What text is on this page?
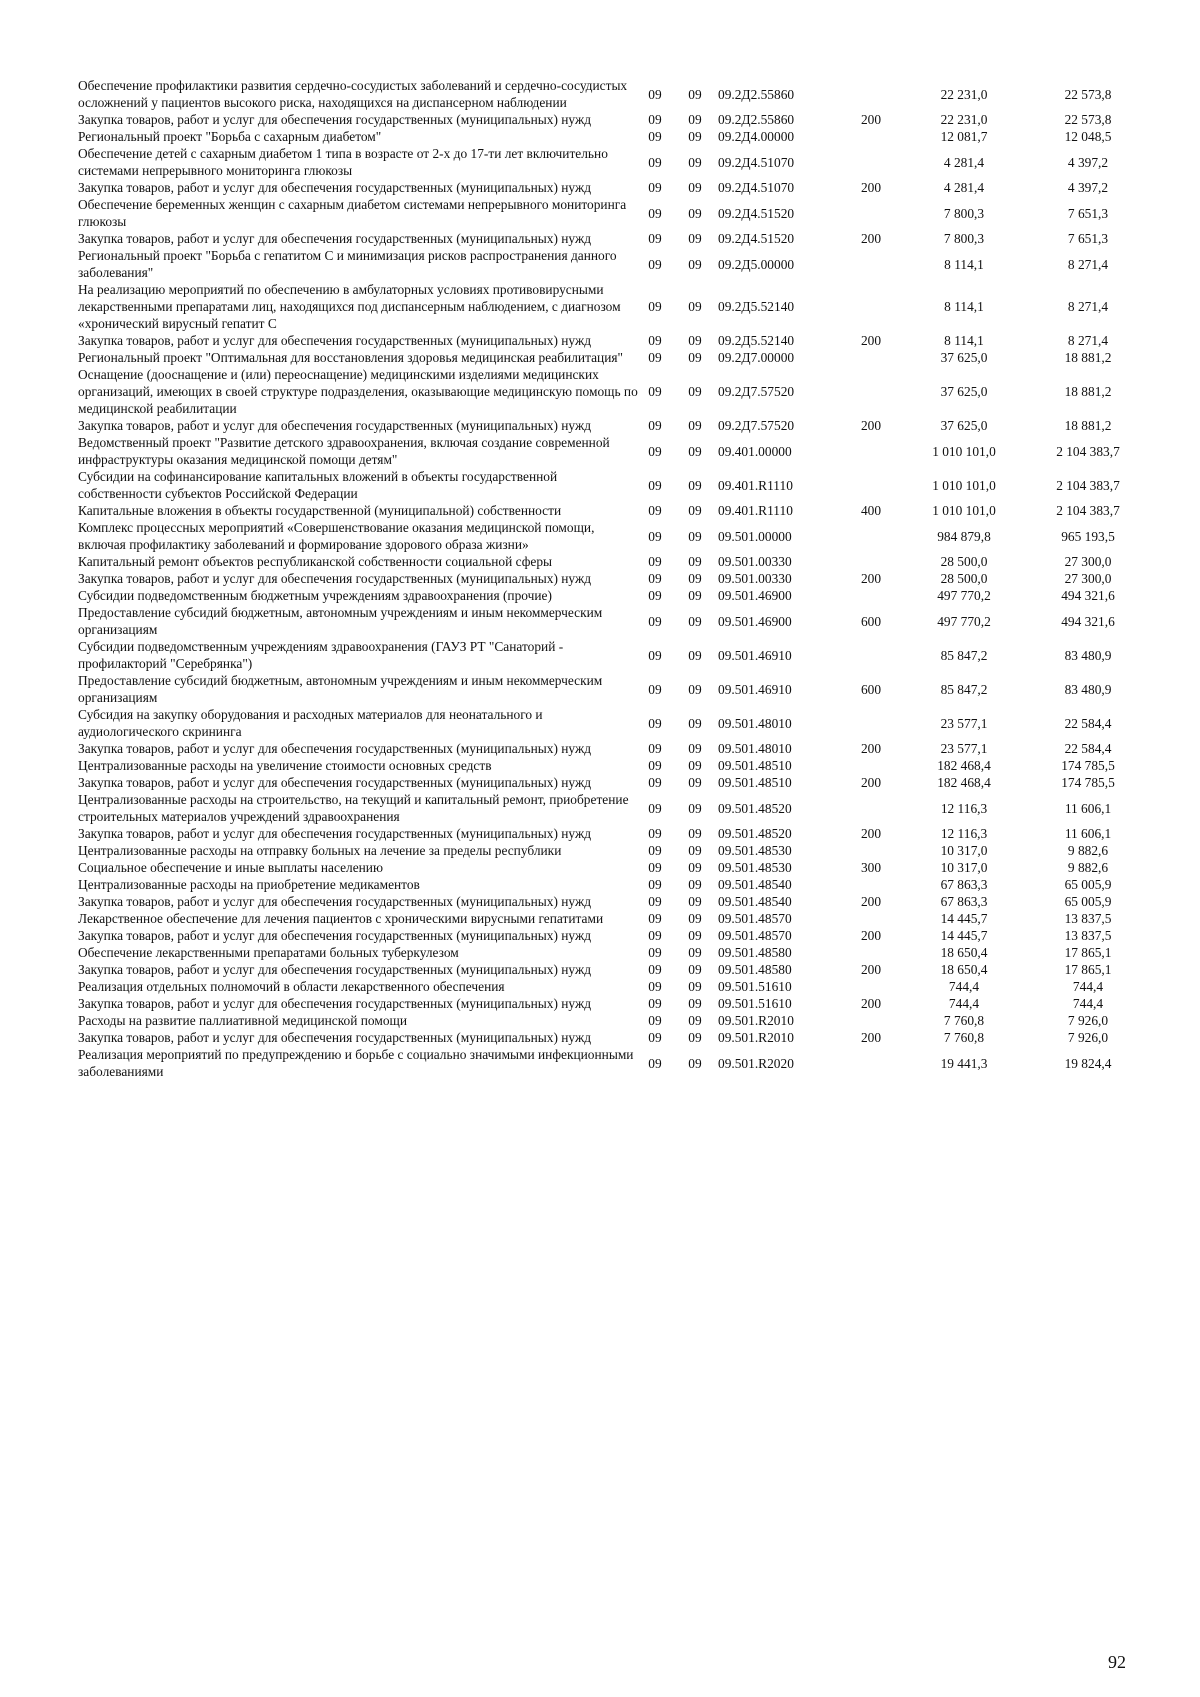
Обеспечение профилактики развития сердечно-сосудистых заболеваний и сердечно-сосудистых осложнений у пациентов высокого риска, находящихся на диспансерном наблюдении	09	09	09.2Д2.55860		22 231,0	22 573,8
Закупка товаров, работ и услуг для обеспечения государственных (муниципальных) нужд	09	09	09.2Д2.55860	200	22 231,0	22 573,8
Региональный проект "Борьба с сахарным диабетом"	09	09	09.2Д4.00000		12 081,7	12 048,5
Обеспечение детей с сахарным диабетом 1 типа в возрасте от 2-х до 17-ти лет включительно системами непрерывного мониторинга глюкозы	09	09	09.2Д4.51070		4 281,4	4 397,2
Закупка товаров, работ и услуг для обеспечения государственных (муниципальных) нужд	09	09	09.2Д4.51070	200	4 281,4	4 397,2
Обеспечение беременных женщин с сахарным диабетом системами непрерывного мониторинга глюкозы	09	09	09.2Д4.51520		7 800,3	7 651,3
Закупка товаров, работ и услуг для обеспечения государственных (муниципальных) нужд	09	09	09.2Д4.51520	200	7 800,3	7 651,3
Региональный проект "Борьба с гепатитом С и минимизация рисков распространения данного заболевания"	09	09	09.2Д5.00000		8 114,1	8 271,4
На реализацию мероприятий по обеспечению в амбулаторных условиях противовирусными лекарственными препаратами лиц, находящихся под диспансерным наблюдением, с диагнозом «хронический вирусный гепатит С	09	09	09.2Д5.52140		8 114,1	8 271,4
Закупка товаров, работ и услуг для обеспечения государственных (муниципальных) нужд	09	09	09.2Д5.52140	200	8 114,1	8 271,4
Региональный проект "Оптимальная для восстановления здоровья медицинская реабилитация"	09	09	09.2Д7.00000		37 625,0	18 881,2
Оснащение (дооснащение и (или) переоснащение) медицинскими изделиями медицинских организаций, имеющих в своей структуре подразделения, оказывающие медицинскую помощь по медицинской реабилитации	09	09	09.2Д7.57520		37 625,0	18 881,2
Закупка товаров, работ и услуг для обеспечения государственных (муниципальных) нужд	09	09	09.2Д7.57520	200	37 625,0	18 881,2
Ведомственный проект "Развитие детского здравоохранения, включая создание современной инфраструктуры оказания медицинской помощи детям"	09	09	09.401.00000		1 010 101,0	2 104 383,7
Субсидии на софинансирование капитальных вложений в объекты государственной собственности субъектов Российской Федерации	09	09	09.401.R1110		1 010 101,0	2 104 383,7
Капитальные вложения в объекты государственной (муниципальной) собственности	09	09	09.401.R1110	400	1 010 101,0	2 104 383,7
Комплекс процессных мероприятий «Совершенствование оказания медицинской помощи, включая профилактику заболеваний и формирование здорового образа жизни»	09	09	09.501.00000		984 879,8	965 193,5
Капитальный ремонт объектов республиканской собственности социальной сферы	09	09	09.501.00330		28 500,0	27 300,0
Закупка товаров, работ и услуг для обеспечения государственных (муниципальных) нужд	09	09	09.501.00330	200	28 500,0	27 300,0
Субсидии подведомственным бюджетным учреждениям здравоохранения (прочие)	09	09	09.501.46900		497 770,2	494 321,6
Предоставление субсидий бюджетным, автономным учреждениям и иным некоммерческим организациям	09	09	09.501.46900	600	497 770,2	494 321,6
Субсидии подведомственным учреждениям здравоохранения (ГАУЗ РТ "Санаторий - профилакторий "Серебрянка")	09	09	09.501.46910		85 847,2	83 480,9
Предоставление субсидий бюджетным, автономным учреждениям и иным некоммерческим организациям	09	09	09.501.46910	600	85 847,2	83 480,9
Субсидия на закупку оборудования и расходных материалов для неонатального и аудиологического скрининга	09	09	09.501.48010		23 577,1	22 584,4
Закупка товаров, работ и услуг для обеспечения государственных (муниципальных) нужд	09	09	09.501.48010	200	23 577,1	22 584,4
Централизованные расходы на увеличение стоимости основных средств	09	09	09.501.48510		182 468,4	174 785,5
Закупка товаров, работ и услуг для обеспечения государственных (муниципальных) нужд	09	09	09.501.48510	200	182 468,4	174 785,5
Централизованные расходы на строительство, на текущий и капитальный ремонт, приобретение строительных материалов учреждений здравоохранения	09	09	09.501.48520		12 116,3	11 606,1
Закупка товаров, работ и услуг для обеспечения государственных (муниципальных) нужд	09	09	09.501.48520	200	12 116,3	11 606,1
Централизованные расходы на отправку больных на лечение за пределы республики	09	09	09.501.48530		10 317,0	9 882,6
Социальное обеспечение и иные выплаты населению	09	09	09.501.48530	300	10 317,0	9 882,6
Централизованные расходы на приобретение медикаментов	09	09	09.501.48540		67 863,3	65 005,9
Закупка товаров, работ и услуг для обеспечения государственных (муниципальных) нужд	09	09	09.501.48540	200	67 863,3	65 005,9
Лекарственное обеспечение для лечения пациентов с хроническими вирусными гепатитами	09	09	09.501.48570		14 445,7	13 837,5
Закупка товаров, работ и услуг для обеспечения государственных (муниципальных) нужд	09	09	09.501.48570	200	14 445,7	13 837,5
Обеспечение лекарственными препаратами больных туберкулезом	09	09	09.501.48580		18 650,4	17 865,1
Закупка товаров, работ и услуг для обеспечения государственных (муниципальных) нужд	09	09	09.501.48580	200	18 650,4	17 865,1
Реализация отдельных полномочий в области лекарственного обеспечения	09	09	09.501.51610		744,4	744,4
Закупка товаров, работ и услуг для обеспечения государственных (муниципальных) нужд	09	09	09.501.51610	200	744,4	744,4
Расходы на развитие паллиативной медицинской помощи	09	09	09.501.R2010		7 760,8	7 926,0
Закупка товаров, работ и услуг для обеспечения государственных (муниципальных) нужд	09	09	09.501.R2010	200	7 760,8	7 926,0
Реализация мероприятий по предупреждению и борьбе с социально значимыми инфекционными заболеваниями	09	09	09.501.R2020		19 441,3	19 824,4
92
